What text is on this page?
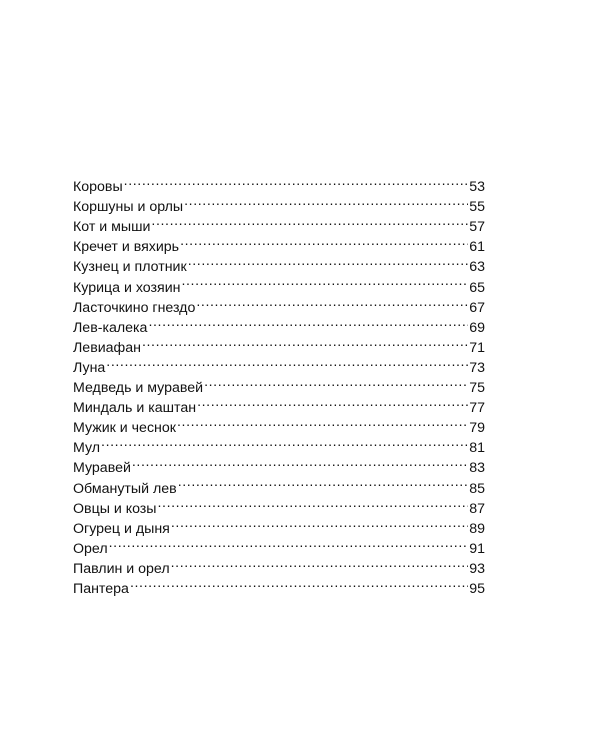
Коровы .....	53
Коршуны и орлы .....	55
Кот и мыши .....	57
Кречет и вяхирь .....	61
Кузнец и плотник .....	63
Курица и хозяин .....	65
Ласточкино гнездо .....	67
Лев-калека .....	69
Левиафан .....	71
Луна .....	73
Медведь и муравей .....	75
Миндаль и каштан .....	77
Мужик и чеснок .....	79
Мул .....	81
Муравей .....	83
Обманутый лев .....	85
Овцы и козы .....	87
Огурец и дыня .....	89
Орел .....	91
Павлин и орел .....	93
Пантера .....	95
